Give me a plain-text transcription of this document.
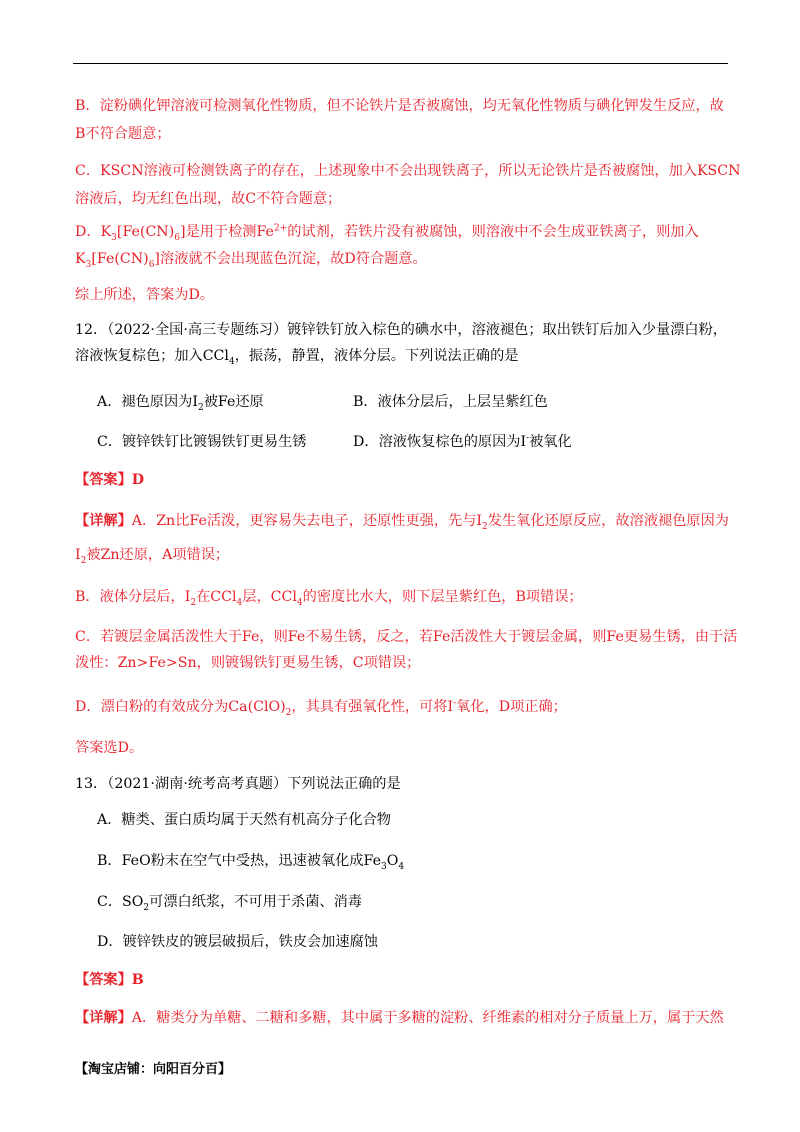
B．淀粉碘化钾溶液可检测氧化性物质，但不论铁片是否被腐蚀，均无氧化性物质与碘化钾发生反应，故
B不符合题意；
C．KSCN溶液可检测铁离子的存在，上述现象中不会出现铁离子，所以无论铁片是否被腐蚀，加入KSCN
溶液后，均无红色出现，故C不符合题意；
D．$K_3[Fe(CN)_6]$是用于检测$Fe^{2+}$的试剂，若铁片没有被腐蚀，则溶液中不会生成亚铁离子，则加入
$K_3[Fe(CN)_6]$溶液就不会出现蓝色沉淀，故D符合题意。
综上所述，答案为D。
12．（2022·全国·高三专题练习）镀锌铁钉放入棕色的碘水中，溶液褪色；取出铁钉后加入少量漂白粉，
溶液恢复棕色；加入CCl$_4$，振荡，静置，液体分层。下列说法正确的是
A．褪色原因为$I_2$被Fe还原	B．液体分层后，上层呈紫红色
C．镀锌铁钉比镀锡铁钉更易生锈	D．溶液恢复棕色的原因为I-被氧化
【答案】D
【详解】A．Zn比Fe活泼，更容易失去电子，还原性更强，先与$I_2$发生氧化还原反应，故溶液褪色原因为
$I_2$被Zn还原，A项错误；
B．液体分层后，$I_2$在CCl$_4$层，CCl$_4$的密度比水大，则下层呈紫红色，B项错误；
C．若镀层金属活泼性大于Fe，则Fe不易生锈，反之，若Fe活泼性大于镀层金属，则Fe更易生锈，由于活
泼性：Zn>Fe>Sn，则镀锡铁钉更易生锈，C项错误；
D．漂白粉的有效成分为$Ca(ClO)_2$，其具有强氧化性，可将I-氧化，D项正确；
答案选D。
13．（2021·湖南·统考高考真题）下列说法正确的是
A．糖类、蛋白质均属于天然有机高分子化合物
B．FeO粉末在空气中受热，迅速被氧化成$Fe_3O_4$
C．$SO_2$可漂白纸浆，不可用于杀菌、消毒
D．镀锌铁皮的镀层破损后，铁皮会加速腐蚀
【答案】B
【详解】A．糖类分为单糖、二糖和多糖，其中属于多糖的淀粉、纤维素的相对分子质量上万，属于天然
【淘宝店铺：向阳百分百】
